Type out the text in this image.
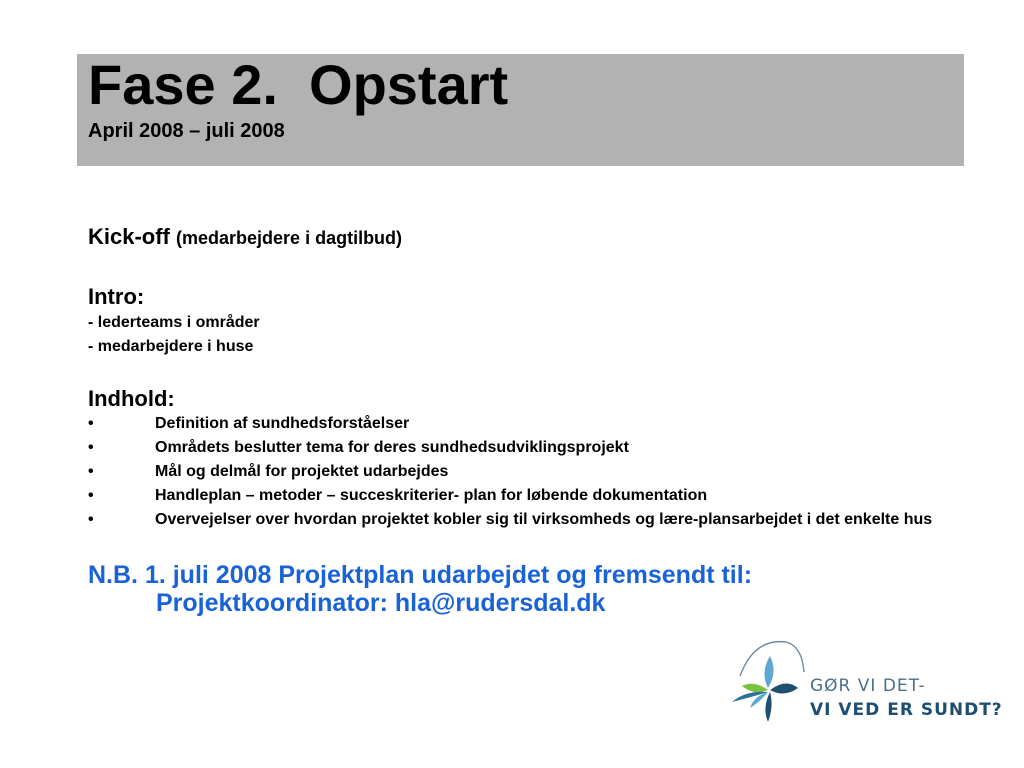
Fase 2.  Opstart
April 2008 – juli 2008

Kick-off (medarbejdere i dagtilbud)

Intro:

- lederteams i områder

- medarbejdere i huse

Indhold:

•	Definition af sundhedsforståelser
•	Områdets beslutter tema for deres sundhedsudviklingsprojekt
•	Mål og delmål for projektet udarbejdes
•	Handleplan – metoder – succeskriterier- plan for løbende dokumentation
•	Overvejelser over hvordan projektet kobler sig til virksomheds og lære-plansarbejdet i det enkelte hus

N.B. 1. juli 2008 Projektplan udarbejdet og fremsendt til:
Projektkoordinator: hla@rudersdal.dk

GØR VI DET-
VI VED ER SUNDT?
